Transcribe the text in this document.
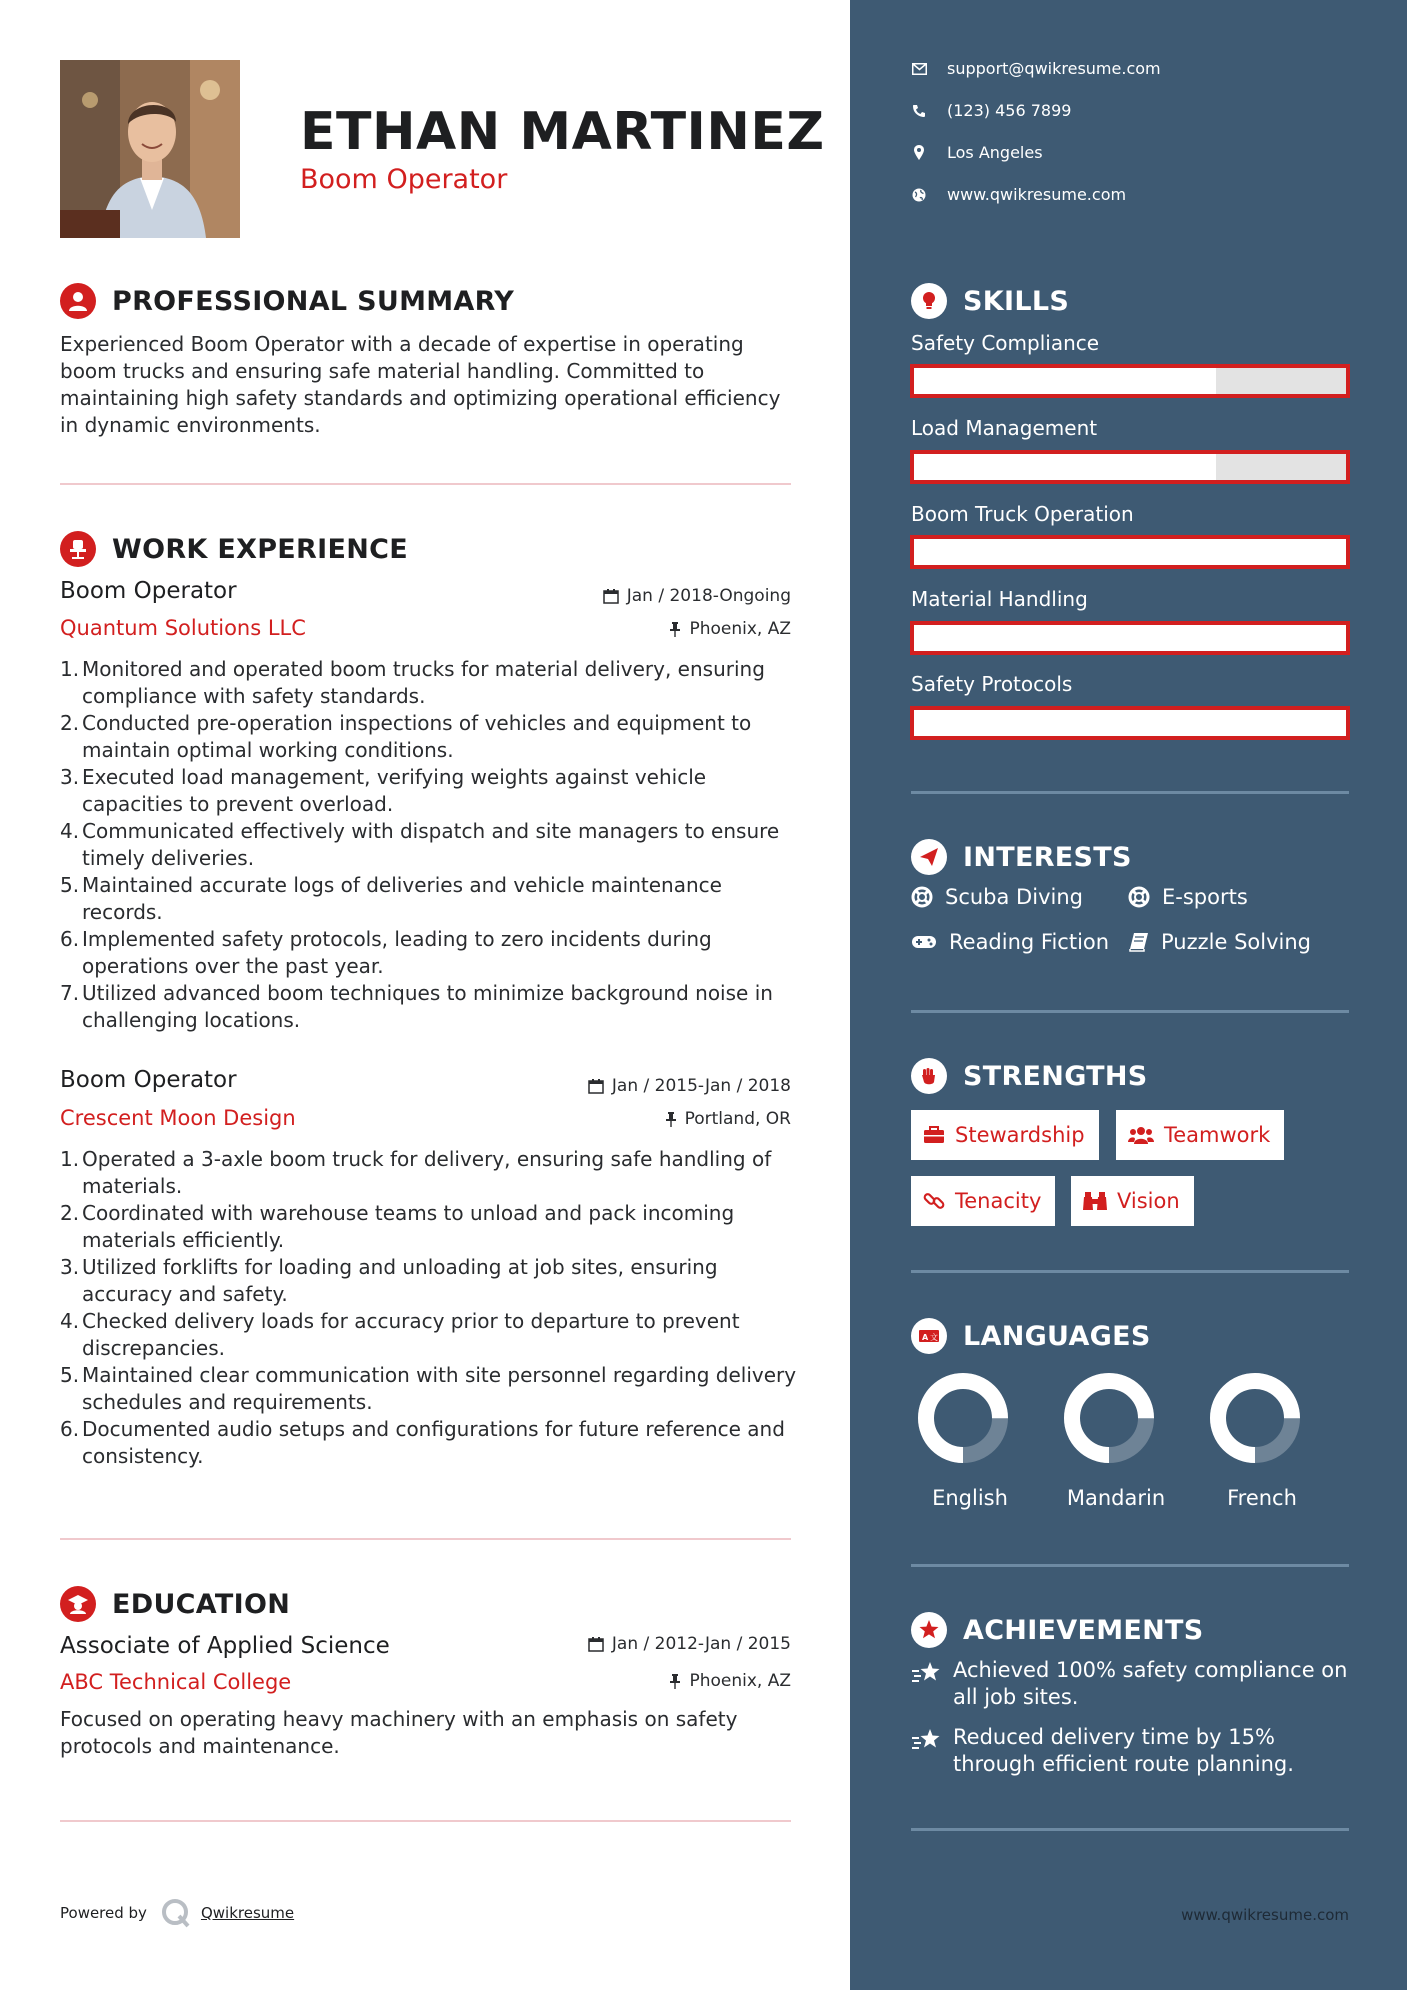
ETHAN MARTINEZ
Boom Operator
PROFESSIONAL SUMMARY
Experienced Boom Operator with a decade of expertise in operating boom trucks and ensuring safe material handling. Committed to maintaining high safety standards and optimizing operational efficiency in dynamic environments.
WORK EXPERIENCE
Boom Operator	Jan / 2018-Ongoing
Quantum Solutions LLC	Phoenix, AZ
1. Monitored and operated boom trucks for material delivery, ensuring compliance with safety standards.
2. Conducted pre-operation inspections of vehicles and equipment to maintain optimal working conditions.
3. Executed load management, verifying weights against vehicle capacities to prevent overload.
4. Communicated effectively with dispatch and site managers to ensure timely deliveries.
5. Maintained accurate logs of deliveries and vehicle maintenance records.
6. Implemented safety protocols, leading to zero incidents during operations over the past year.
7. Utilized advanced boom techniques to minimize background noise in challenging locations.
Boom Operator	Jan / 2015-Jan / 2018
Crescent Moon Design	Portland, OR
1. Operated a 3-axle boom truck for delivery, ensuring safe handling of materials.
2. Coordinated with warehouse teams to unload and pack incoming materials efficiently.
3. Utilized forklifts for loading and unloading at job sites, ensuring accuracy and safety.
4. Checked delivery loads for accuracy prior to departure to prevent discrepancies.
5. Maintained clear communication with site personnel regarding delivery schedules and requirements.
6. Documented audio setups and configurations for future reference and consistency.
EDUCATION
Associate of Applied Science	Jan / 2012-Jan / 2015
ABC Technical College	Phoenix, AZ
Focused on operating heavy machinery with an emphasis on safety protocols and maintenance.
Powered by	Qwikresume
support@qwikresume.com
(123) 456 7899
Los Angeles
www.qwikresume.com
SKILLS
Safety Compliance
Load Management
Boom Truck Operation
Material Handling
Safety Protocols
INTERESTS
Scuba Diving	E-sports
Reading Fiction Puzzle Solving
STRENGTHS
Stewardship	Teamwork
Tenacity	Vision
A 文 LANGUAGES
English	Mandarin	French
ACHIEVEMENTS
Achieved 100% safety compliance on all job sites.
Reduced delivery time by 15% through efficient route planning.
www.qwikresume.com
